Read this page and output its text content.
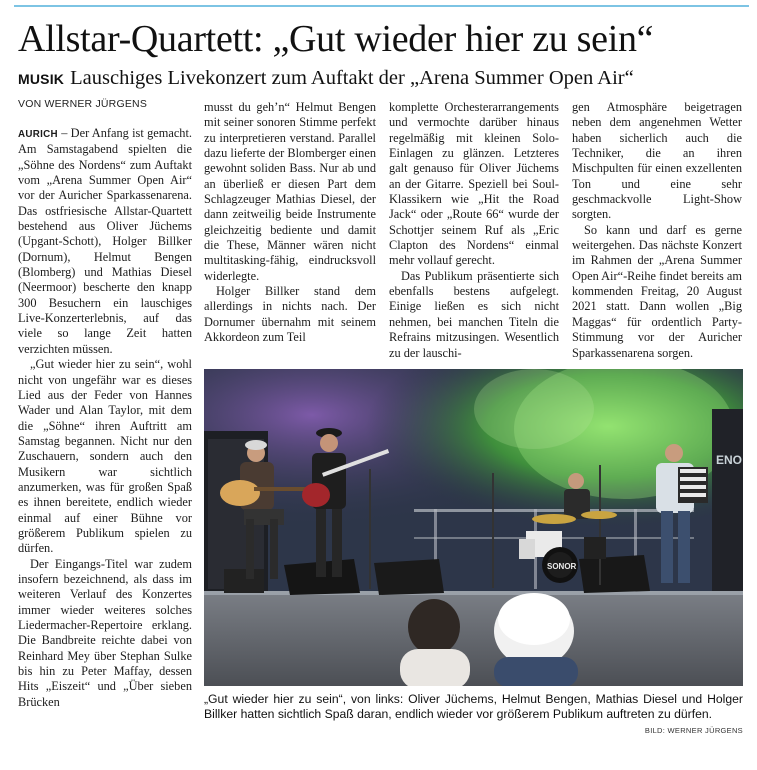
Allstar-Quartett: „Gut wieder hier zu sein“
MUSIK Lauschiges Livekonzert zum Auftakt der „Arena Summer Open Air“
VON WERNER JÜRGENS

AURICH – Der Anfang ist gemacht. Am Samstagabend spielten die „Söhne des Nordens“ zum Auftakt vom „Arena Summer Open Air“ vor der Auricher Sparkassenarena. Das ostfriesische Allstar-Quartett bestehend aus Oliver Jüchems (Upgant-Schott), Holger Billker (Dornum), Helmut Bengen (Blomberg) und Mathias Diesel (Neermoor) bescherte den knapp 300 Besuchern ein lauschiges Live-Konzerterlebnis, auf das viele so lange Zeit hatten verzichten müssen.

„Gut wieder hier zu sein“, wohl nicht von ungefähr war es dieses Lied aus der Feder von Hannes Wader und Alan Taylor, mit dem die „Söhne“ ihren Auftritt am Samstag begannen. Nicht nur den Zuschauern, sondern auch den Musikern war sichtlich anzumerken, was für großen Spaß es ihnen bereitete, endlich wieder einmal auf einer Bühne vor größerem Publikum spielen zu dürfen.

Der Eingangs-Titel war zudem insofern bezeichnend, als dass im weiteren Verlauf des Konzertes immer wieder weiteres solches Liedermacher-Repertoire erklang. Die Bandbreite reichte dabei von Reinhard Mey über Stephan Sulke bis hin zu Peter Maffay, dessen Hits „Eiszeit“ und „Über sieben Brücken

musst du geh’n“ Helmut Bengen mit seiner sonoren Stimme perfekt zu interpretieren verstand. Parallel dazu lieferte der Blomberger einen gewohnt soliden Bass. Nur ab und an überließ er diesen Part dem Schlagzeuger Mathias Diesel, der dann zeitweilig beide Instrumente gleichzeitig bediente und damit die These, Männer wären nicht multitasking-fähig, eindrucksvoll widerlegte.

Holger Billker stand dem allerdings in nichts nach. Der Dornumer übernahm mit seinem Akkordeon zum Teil

komplette Orchesterarrangements und vermochte darüber hinaus regelmäßig mit kleinen Solo-Einlagen zu glänzen. Letzteres galt genauso für Oliver Jüchems an der Gitarre. Speziell bei Soul-Klassikern wie „Hit the Road Jack“ oder „Route 66“ wurde der Schottjer seinem Ruf als „Eric Clapton des Nordens“ einmal mehr vollauf gerecht.

Das Publikum präsentierte sich ebenfalls bestens aufgelegt. Einige ließen es sich nicht nehmen, bei manchen Titeln die Refrains mitzusingen. Wesentlich zu der lauschi-

gen Atmosphäre beigetragen neben dem angenehmen Wetter haben sicherlich auch die Techniker, die an ihren Mischpulten für einen exzellenten Ton und eine sehr geschmackvolle Light-Show sorgten.

So kann und darf es gerne weitergehen. Das nächste Konzert im Rahmen der „Arena Summer Open Air“-Reihe findet bereits am kommenden Freitag, 20 August 2021 statt. Dann wollen „Big Maggas“ für ordentlich Party-Stimmung vor der Auricher Sparkassenarena sorgen.

ENO
SONOR
„Gut wieder hier zu sein“, von links: Oliver Jüchems, Helmut Bengen, Mathias Diesel und Holger Billker hatten sichtlich Spaß daran, endlich wieder vor größerem Publikum auftreten zu dürfen.
BILD: WERNER JÜRGENS
